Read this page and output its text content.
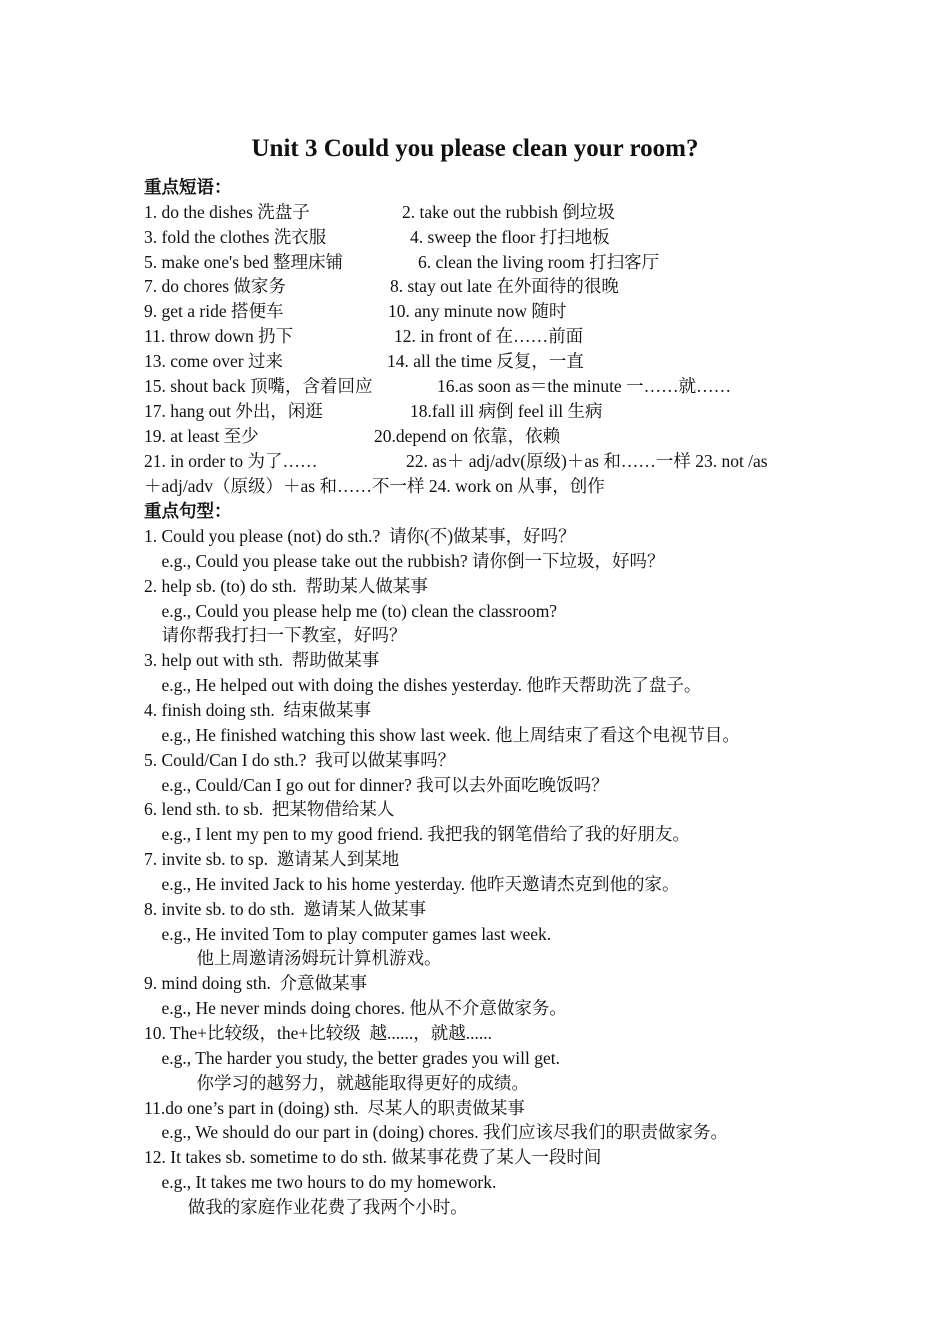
Unit 3 Could you please clean your room?
重点短语：
1. do the dishes 洗盘子	2. take out the rubbish 倒垃圾
3. fold the clothes 洗衣服	4. sweep the floor 打扫地板
5. make one's bed 整理床铺	6. clean the living room 打扫客厅
7. do chores 做家务	8. stay out late 在外面待的很晚
9. get a ride 搭便车	10. any minute now 随时
11. throw down 扔下	12. in front of 在……前面
13. come over 过来	14. all the time 反复，一直
15. shout back 顶嘴，含着回应	16.as soon as＝the minute 一……就……
17. hang out 外出，闲逛	18.fall ill 病倒 feel ill 生病
19. at least 至少	20.depend on 依靠，依赖
21. in order to 为了……	22. as＋ adj/adv(原级)＋as 和……一样 23. not /as
＋adj/adv（原级）＋as 和……不一样 24. work on 从事，创作
重点句型：
1. Could you please (not) do sth.?  请你(不)做某事，好吗？
e.g., Could you please take out the rubbish? 请你倒一下垃圾，好吗？
2. help sb. (to) do sth.  帮助某人做某事
e.g., Could you please help me (to) clean the classroom?
请你帮我打扫一下教室，好吗？
3. help out with sth.  帮助做某事
e.g., He helped out with doing the dishes yesterday. 他昨天帮助洗了盘子。
4. finish doing sth.  结束做某事
e.g., He finished watching this show last week. 他上周结束了看这个电视节目。
5. Could/Can I do sth.?  我可以做某事吗？
e.g., Could/Can I go out for dinner? 我可以去外面吃晚饭吗？
6. lend sth. to sb.  把某物借给某人
e.g., I lent my pen to my good friend. 我把我的钢笔借给了我的好朋友。
7. invite sb. to sp.  邀请某人到某地
e.g., He invited Jack to his home yesterday. 他昨天邀请杰克到他的家。
8. invite sb. to do sth.  邀请某人做某事
e.g., He invited Tom to play computer games last week.
他上周邀请汤姆玩计算机游戏。
9. mind doing sth.  介意做某事
e.g., He never minds doing chores. 他从不介意做家务。
10. The+比较级，the+比较级  越......，就越......
e.g., The harder you study, the better grades you will get.
你学习的越努力，就越能取得更好的成绩。
11.do one’s part in (doing) sth.  尽某人的职责做某事
e.g., We should do our part in (doing) chores. 我们应该尽我们的职责做家务。
12. It takes sb. sometime to do sth. 做某事花费了某人一段时间
e.g., It takes me two hours to do my homework.
做我的家庭作业花费了我两个小时。
